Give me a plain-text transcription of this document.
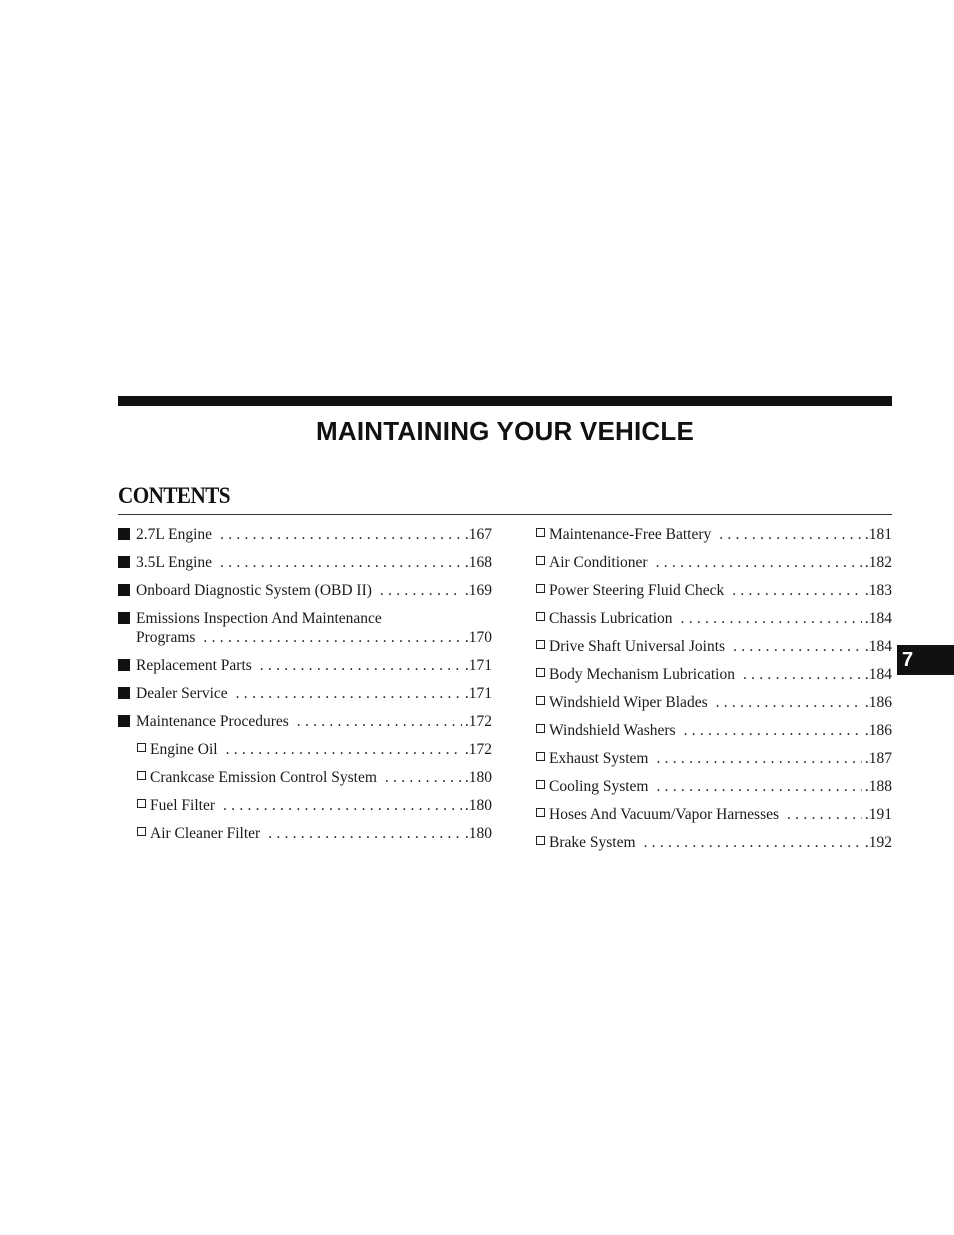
MAINTAINING YOUR VEHICLE
CONTENTS
2.7L Engine . . .	.167
3.5L Engine . . .	.168
Onboard Diagnostic System (OBD II) . . .	.169
Emissions Inspection And Maintenance
Programs . . .	.170
Replacement Parts . . .	.171
Dealer Service . . .	.171
Maintenance Procedures . . .	.172
Engine Oil . . .	.172
Crankcase Emission Control System . . .	.180
Fuel Filter . . .	.180
Air Cleaner Filter . . .	.180
Maintenance-Free Battery . . .	.181
Air Conditioner . . .	.182
Power Steering Fluid Check . . .	.183
Chassis Lubrication . . .	.184
Drive Shaft Universal Joints . . .	.184
Body Mechanism Lubrication . . .	.184
Windshield Wiper Blades . . .	.186
Windshield Washers . . .	.186
Exhaust System . . .	.187
Cooling System . . .	.188
Hoses And Vacuum/Vapor Harnesses . . .	.191
Brake System . . .	.192
7
